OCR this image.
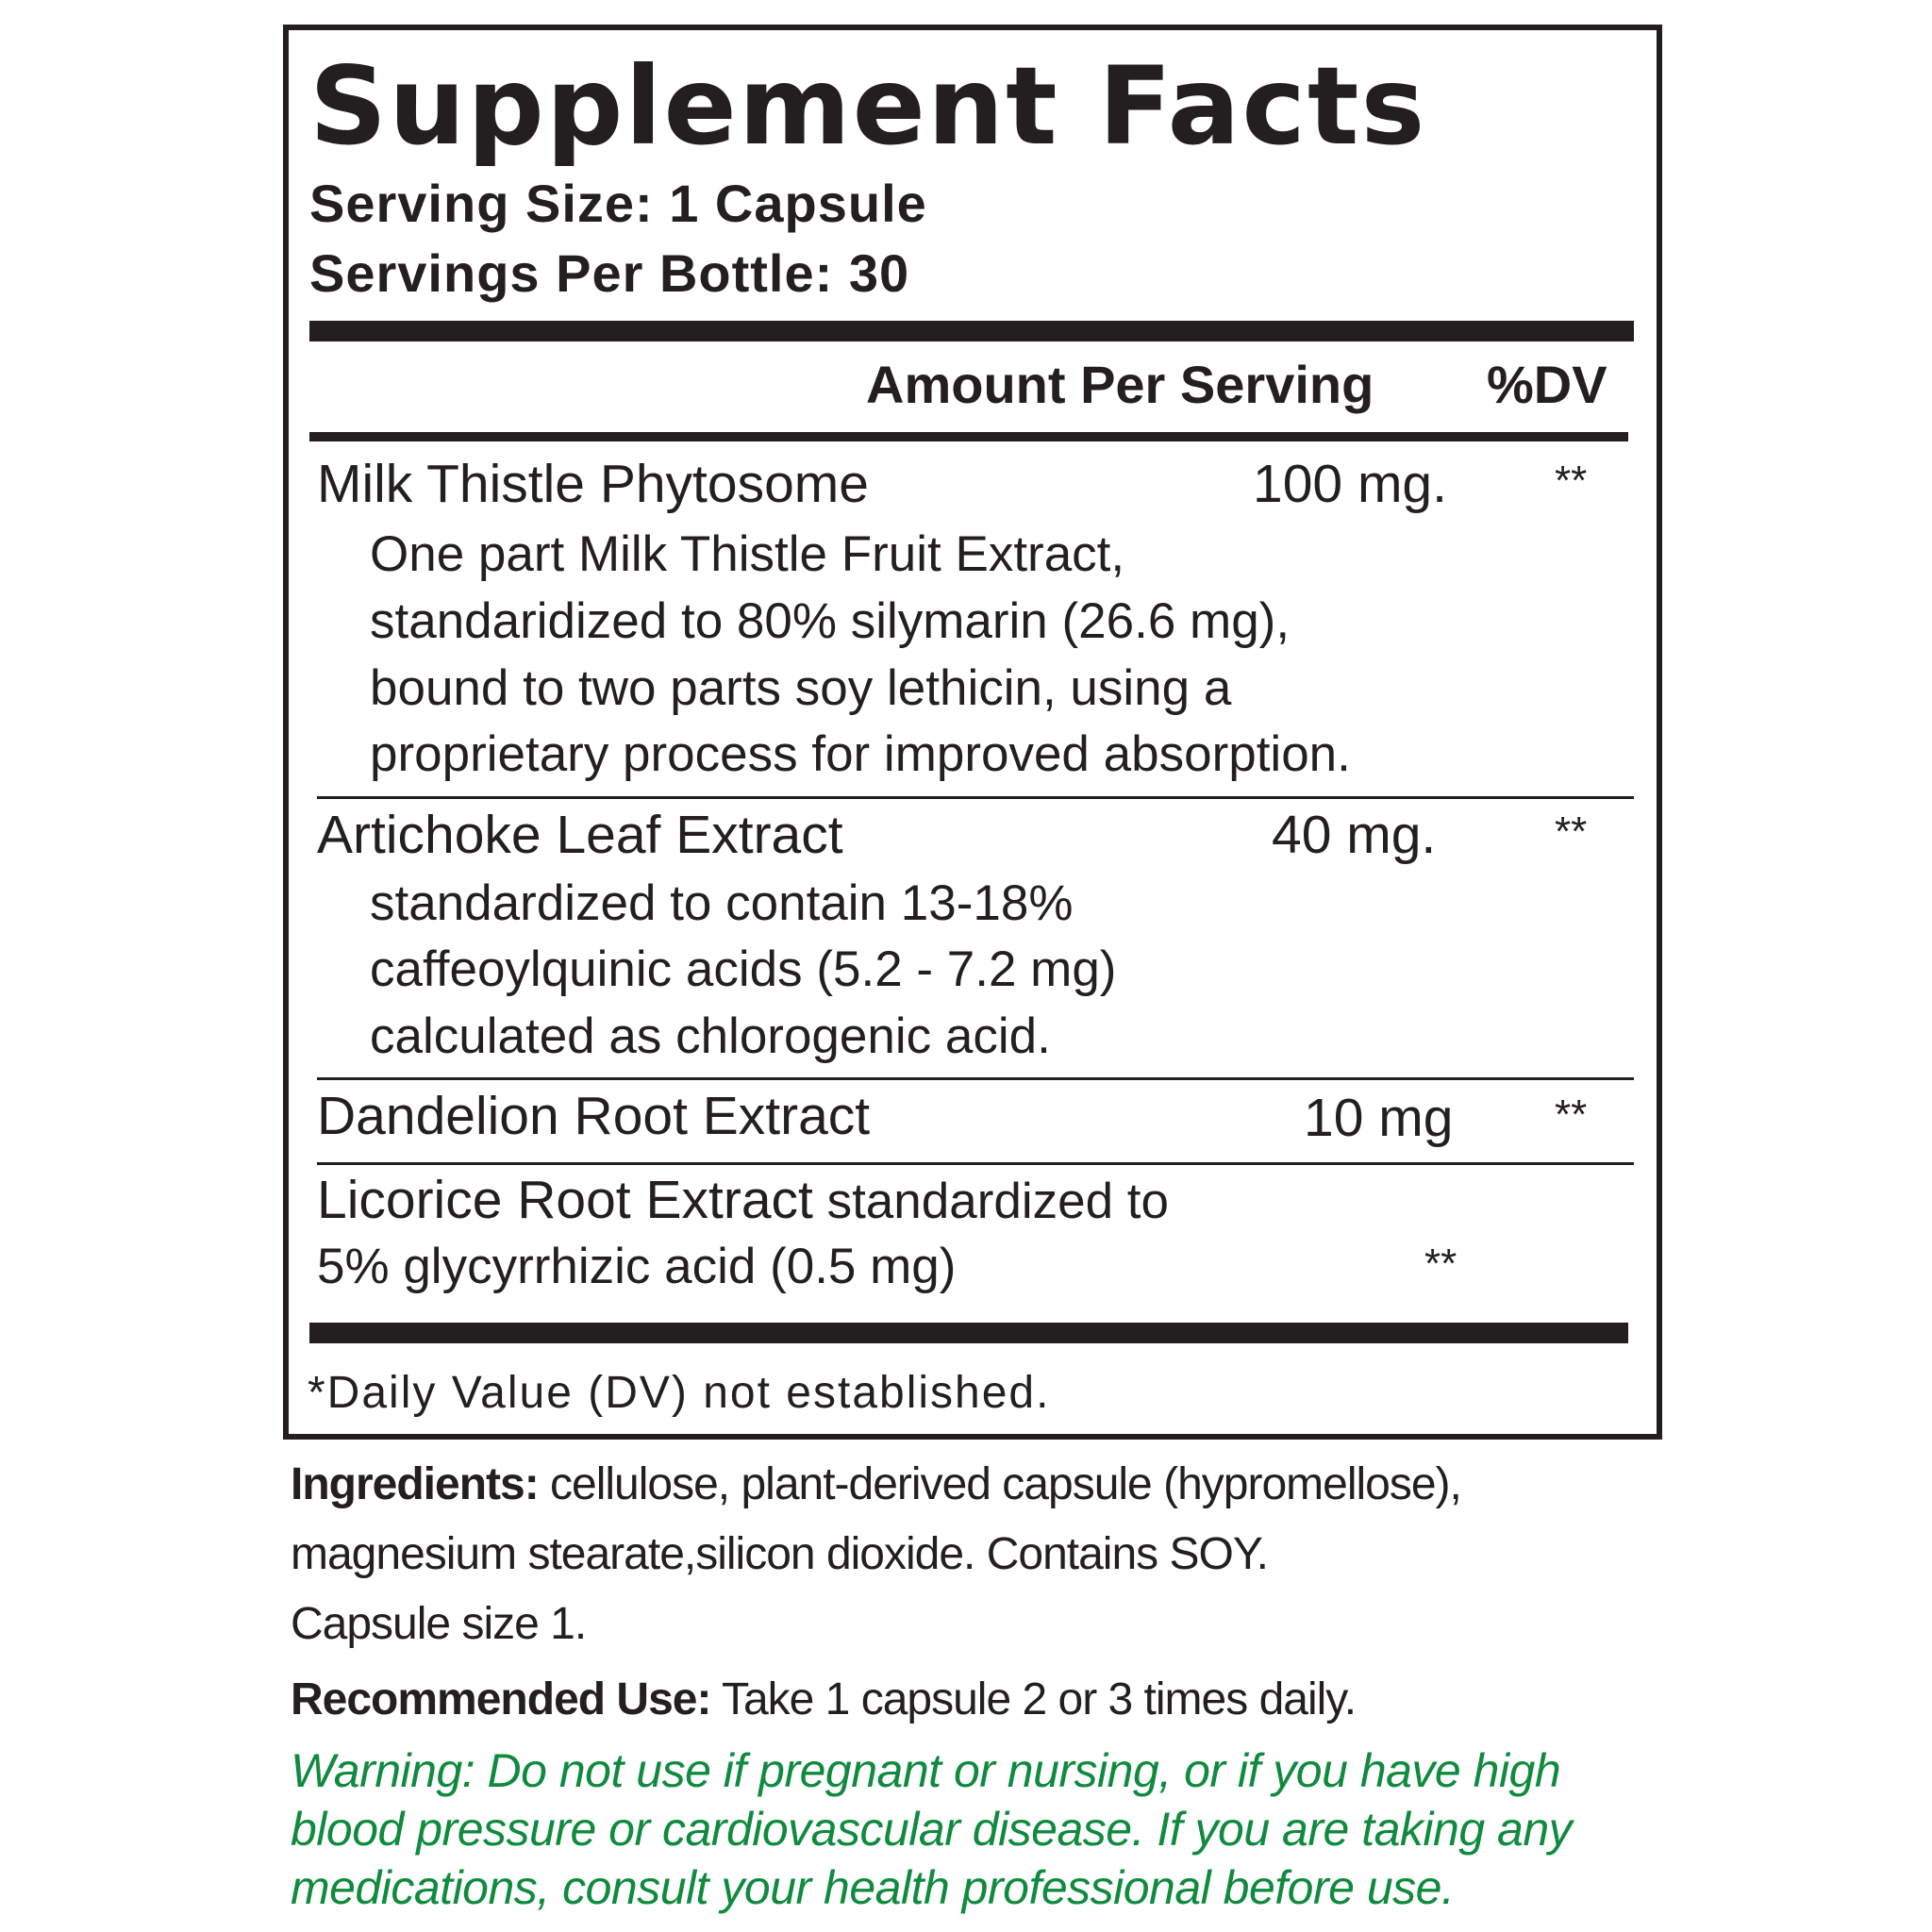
Supplement Facts
Serving Size: 1 Capsule
Servings Per Bottle: 30
Amount Per Serving %DV
Milk Thistle Phytosome	100 mg.	**
One part Milk Thistle Fruit Extract,
standaridized to 80% silymarin (26.6 mg),
bound to two parts soy lethicin, using a
proprietary process for improved absorption.
Artichoke Leaf Extract	40 mg.	**
standardized to contain 13-18%
caffeoylquinic acids (5.2 - 7.2 mg)
calculated as chlorogenic acid.
Dandelion Root Extract	10 mg **
Licorice Root Extract standardized to
5% glycyrrhizic acid (0.5 mg)	**
*Daily Value (DV) not established.
Ingredients: cellulose, plant-derived capsule (hypromellose),
magnesium stearate,silicon dioxide. Contains SOY.
Capsule size 1.
Recommended Use: Take 1 capsule 2 or 3 times daily.
Warning: Do not use if pregnant or nursing, or if you have high
blood pressure or cardiovascular disease. If you are taking any
medications, consult your health professional before use.
